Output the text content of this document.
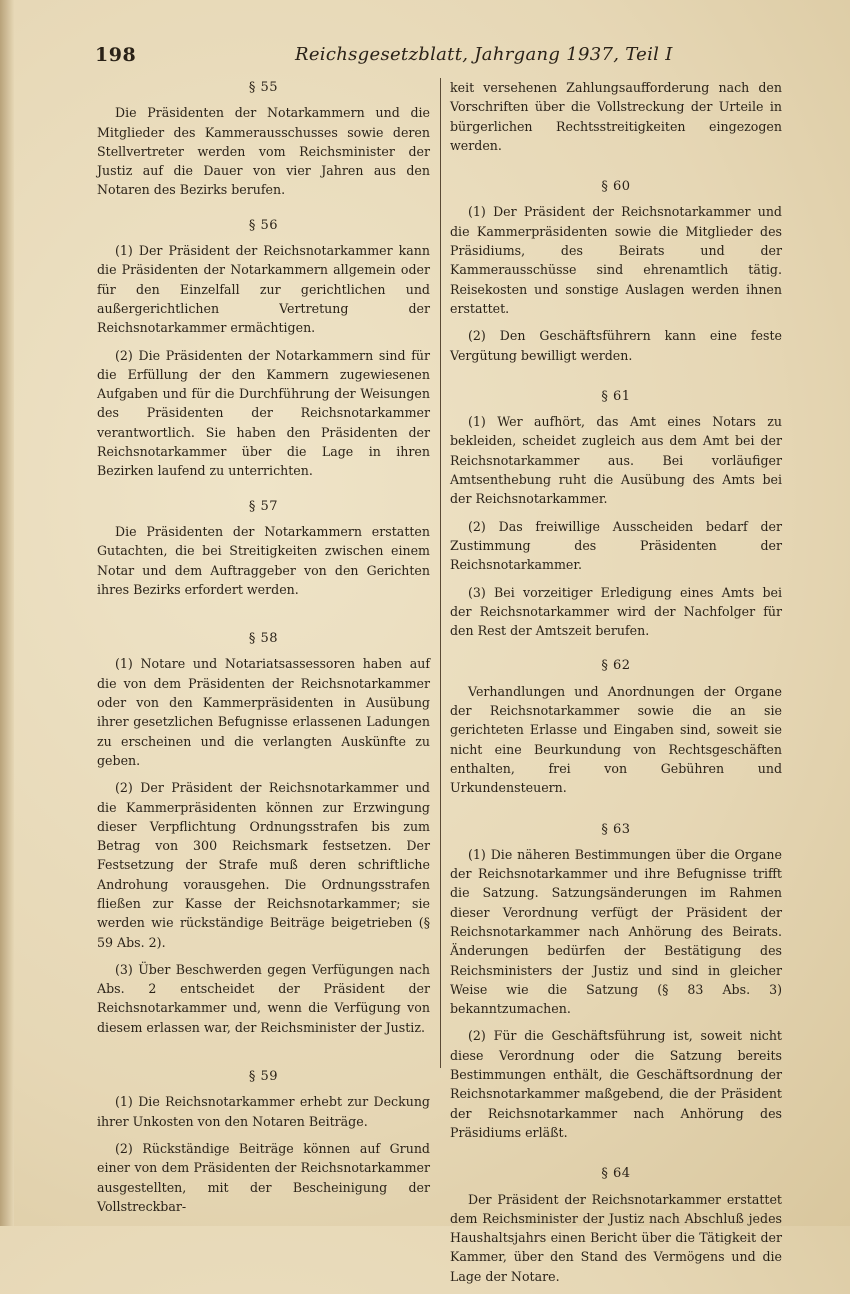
198	Reichsgesetzblatt, Jahrgang 1937, Teil I

§ 55

Die Präsidenten der Notarkammern und die Mitglieder des Kammerausschusses sowie deren Stellvertreter werden vom Reichsminister der Justiz auf die Dauer von vier Jahren aus den Notaren des Bezirks berufen.

§ 56

(1) Der Präsident der Reichsnotarkammer kann die Präsidenten der Notarkammern allgemein oder für den Einzelfall zur gerichtlichen und außergerichtlichen Vertretung der Reichsnotarkammer ermächtigen.

(2) Die Präsidenten der Notarkammern sind für die Erfüllung der den Kammern zugewiesenen Aufgaben und für die Durchführung der Weisungen des Präsidenten der Reichsnotarkammer verantwortlich. Sie haben den Präsidenten der Reichsnotarkammer über die Lage in ihren Bezirken laufend zu unterrichten.

§ 57

Die Präsidenten der Notarkammern erstatten Gutachten, die bei Streitigkeiten zwischen einem Notar und dem Auftraggeber von den Gerichten ihres Bezirks erfordert werden.

§ 58

(1) Notare und Notariatsassessoren haben auf die von dem Präsidenten der Reichsnotarkammer oder von den Kammerpräsidenten in Ausübung ihrer gesetzlichen Befugnisse erlassenen Ladungen zu erscheinen und die verlangten Auskünfte zu geben.

(2) Der Präsident der Reichsnotarkammer und die Kammerpräsidenten können zur Erzwingung dieser Verpflichtung Ordnungsstrafen bis zum Betrag von 300 Reichsmark festsetzen. Der Festsetzung der Strafe muß deren schriftliche Androhung vorausgehen. Die Ordnungsstrafen fließen zur Kasse der Reichsnotarkammer; sie werden wie rückständige Beiträge beigetrieben (§ 59 Abs. 2).

(3) Über Beschwerden gegen Verfügungen nach Abs. 2 entscheidet der Präsident der Reichsnotarkammer und, wenn die Verfügung von diesem erlassen war, der Reichsminister der Justiz.

§ 59

(1) Die Reichsnotarkammer erhebt zur Deckung ihrer Unkosten von den Notaren Beiträge.

(2) Rückständige Beiträge können auf Grund einer von dem Präsidenten der Reichsnotarkammer ausgestellten, mit der Bescheinigung der Vollstreckbar-

keit versehenen Zahlungsaufforderung nach den Vorschriften über die Vollstreckung der Urteile in bürgerlichen Rechtsstreitigkeiten eingezogen werden.

§ 60

(1) Der Präsident der Reichsnotarkammer und die Kammerpräsidenten sowie die Mitglieder des Präsidiums, des Beirats und der Kammerausschüsse sind ehrenamtlich tätig. Reisekosten und sonstige Auslagen werden ihnen erstattet.

(2) Den Geschäftsführern kann eine feste Vergütung bewilligt werden.

§ 61

(1) Wer aufhört, das Amt eines Notars zu bekleiden, scheidet zugleich aus dem Amt bei der Reichsnotarkammer aus. Bei vorläufiger Amtsenthebung ruht die Ausübung des Amts bei der Reichsnotarkammer.

(2) Das freiwillige Ausscheiden bedarf der Zustimmung des Präsidenten der Reichsnotarkammer.

(3) Bei vorzeitiger Erledigung eines Amts bei der Reichsnotarkammer wird der Nachfolger für den Rest der Amtszeit berufen.

§ 62

Verhandlungen und Anordnungen der Organe der Reichsnotarkammer sowie die an sie gerichteten Erlasse und Eingaben sind, soweit sie nicht eine Beurkundung von Rechtsgeschäften enthalten, frei von Gebühren und Urkundensteuern.

§ 63

(1) Die näheren Bestimmungen über die Organe der Reichsnotarkammer und ihre Befugnisse trifft die Satzung. Satzungsänderungen im Rahmen dieser Verordnung verfügt der Präsident der Reichsnotarkammer nach Anhörung des Beirats. Änderungen bedürfen der Bestätigung des Reichsministers der Justiz und sind in gleicher Weise wie die Satzung (§ 83 Abs. 3) bekanntzumachen.

(2) Für die Geschäftsführung ist, soweit nicht diese Verordnung oder die Satzung bereits Bestimmungen enthält, die Geschäftsordnung der Reichsnotarkammer maßgebend, die der Präsident der Reichsnotarkammer nach Anhörung des Präsidiums erläßt.

§ 64

Der Präsident der Reichsnotarkammer erstattet dem Reichsminister der Justiz nach Abschluß jedes Haushaltsjahrs einen Bericht über die Tätigkeit der Kammer, über den Stand des Vermögens und die Lage der Notare.
